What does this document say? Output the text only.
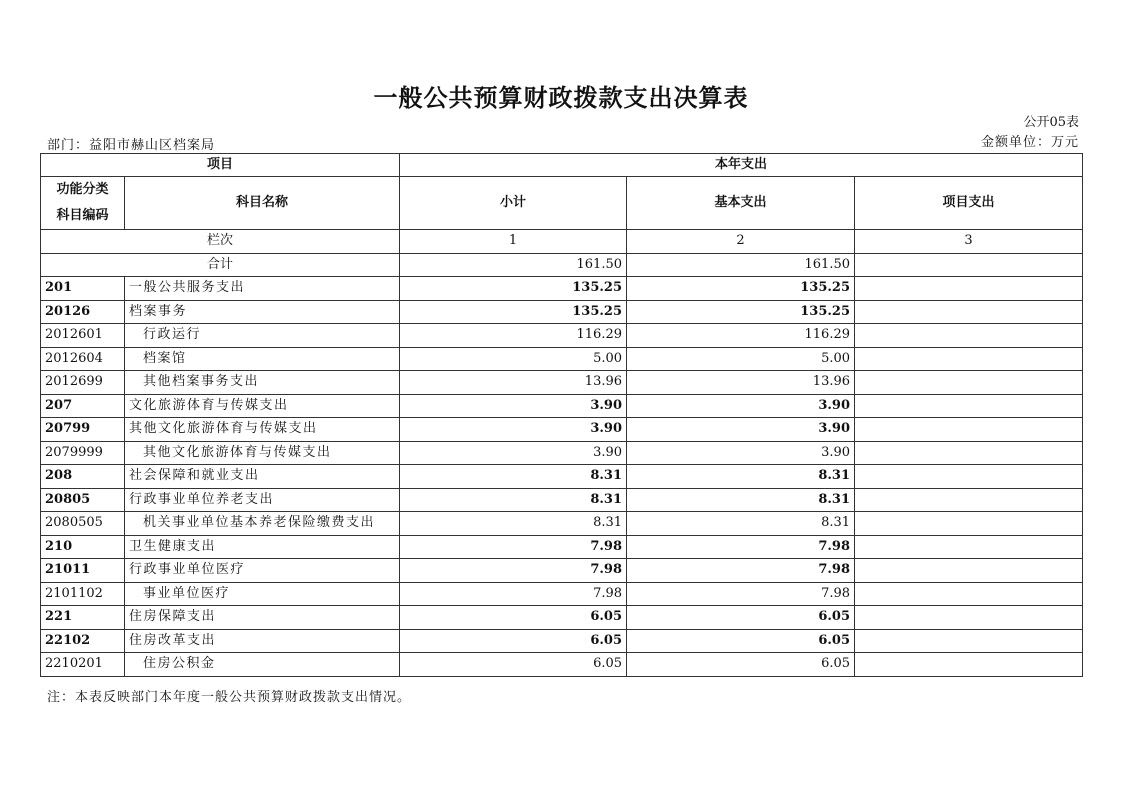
一般公共预算财政拨款支出决算表
公开05表
部门：益阳市赫山区档案局	金额单位：万元
项目		本年支出		

功能分类
科目编码	科目名称	小计	基本支出	项目支出
栏次		1	2	3
合计		161.50	161.50	
201	一般公共服务支出	135.25	135.25	
20126	档案事务	135.25	135.25	
2012601	行政运行	116.29	116.29	
2012604	档案馆	5.00	5.00	
2012699	其他档案事务支出	13.96	13.96	
207	文化旅游体育与传媒支出	3.90	3.90	
20799	其他文化旅游体育与传媒支出	3.90	3.90	
2079999	其他文化旅游体育与传媒支出	3.90	3.90	
208	社会保障和就业支出	8.31	8.31	
20805	行政事业单位养老支出	8.31	8.31	
2080505	机关事业单位基本养老保险缴费支出	8.31	8.31	
210	卫生健康支出	7.98	7.98	
21011	行政事业单位医疗	7.98	7.98	
2101102	事业单位医疗	7.98	7.98	
221	住房保障支出	6.05	6.05	
22102	住房改革支出	6.05	6.05	
2210201	住房公积金	6.05	6.05	
注：本表反映部门本年度一般公共预算财政拨款支出情况。
